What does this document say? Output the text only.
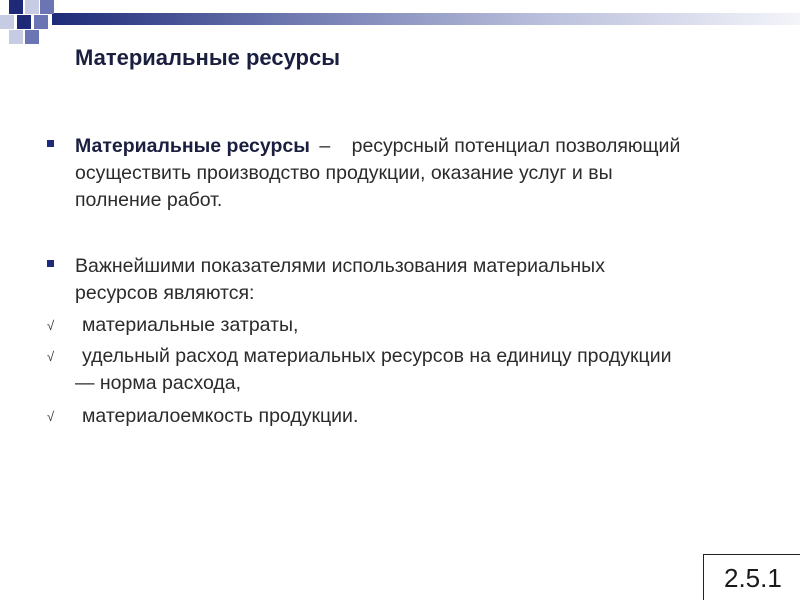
Материальные ресурсы
Материальные ресурсы – ресурсный потенциал позволяющий
осуществить производство продукции, оказание услуг и вы
полнение работ.
Важнейшими показателями использования материальных
ресурсов являются:
√ материальные затраты,
√ удельный расход материальных ресурсов на единицу продукции
— норма расхода,
√ материалоемкость продукции.
2.5.1
